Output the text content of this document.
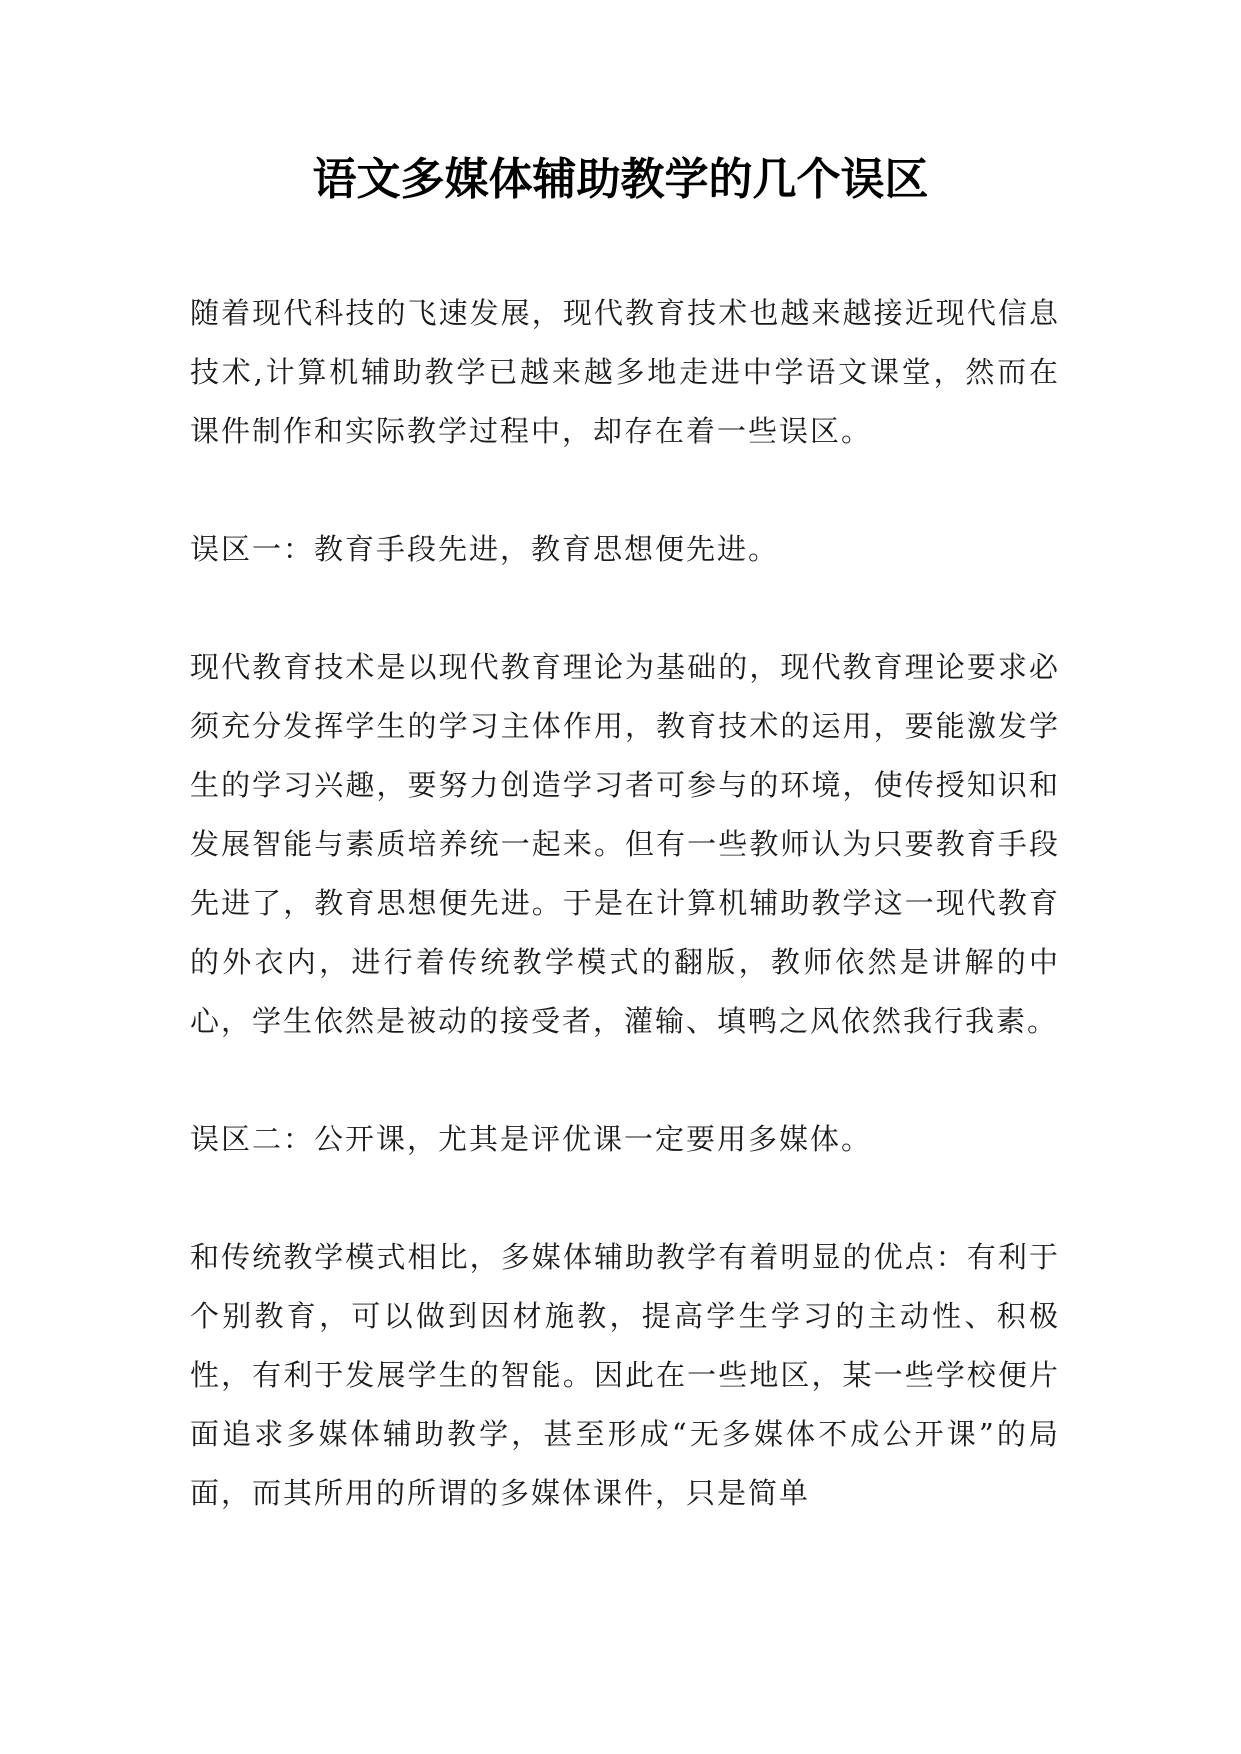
语文多媒体辅助教学的几个误区

随着现代科技的飞速发展，现代教育技术也越来越接近现代信息技术,计算机辅助教学已越来越多地走进中学语文课堂，然而在课件制作和实际教学过程中，却存在着一些误区。

误区一：教育手段先进，教育思想便先进。

现代教育技术是以现代教育理论为基础的，现代教育理论要求必须充分发挥学生的学习主体作用，教育技术的运用，要能激发学生的学习兴趣，要努力创造学习者可参与的环境，使传授知识和发展智能与素质培养统一起来。但有一些教师认为只要教育手段先进了，教育思想便先进。于是在计算机辅助教学这一现代教育的外衣内，进行着传统教学模式的翻版，教师依然是讲解的中心，学生依然是被动的接受者，灌输、填鸭之风依然我行我素。

误区二：公开课，尤其是评优课一定要用多媒体。

和传统教学模式相比，多媒体辅助教学有着明显的优点：有利于个别教育，可以做到因材施教，提高学生学习的主动性、积极性，有利于发展学生的智能。因此在一些地区，某一些学校便片面追求多媒体辅助教学，甚至形成“无多媒体不成公开课”的局面，而其所用的所谓的多媒体课件，只是简单
